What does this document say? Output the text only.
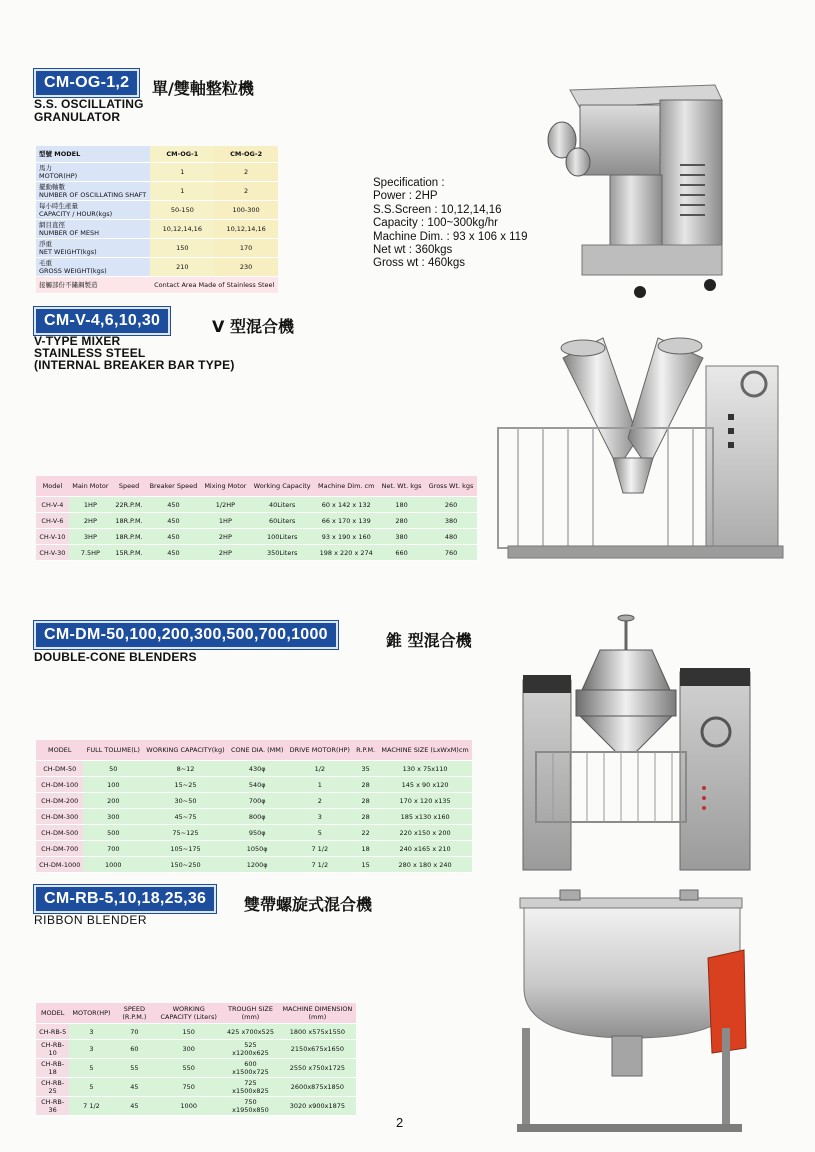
CM-OG-1,2	單/雙軸整粒機
S.S. OSCILLATING
GRANULATOR
型號 MODEL	CM-OG-1	CM-OG-2
馬力
MOTOR(HP)	1	2
擺動軸數
NUMBER OF OSCILLATING SHAFT	1	2
每小時生產量
CAPACITY / HOUR(kgs)	50-150	100-300
網目直徑
NUMBER OF MESH	10,12,14,16	10,12,14,16
淨重
NET WEIGHT(kgs)	150	170
毛重
GROSS WEIGHT(kgs)	210	230
接觸部份不鏽鋼製造	Contact Area Made of Stainless Steel	
Specification :
Power : 2HP
S.S.Screen : 10,12,14,16
Capacity : 100~300kg/hr
Machine Dim. : 93 x 106 x 119
Net wt : 360kgs
Gross wt : 460kgs
CM-V-4,6,10,30	V 型混合機
V-TYPE MIXER
STAINLESS STEEL
(INTERNAL BREAKER BAR TYPE)
Model	Main Motor	Speed	Breaker Speed	Mixing Motor	Working Capacity	Machine Dim. cm	Net. Wt. kgs	Gross Wt. kgs
CH-V-4	1HP	22R.P.M.	450	1/2HP	40Liters	60 x 142 x 132	180	260
CH-V-6	2HP	18R.P.M.	450	1HP	60Liters	66 x 170 x 139	280	380
CH-V-10	3HP	18R.P.M.	450	2HP	100Liters	93 x 190 x 160	380	480
CH-V-30	7.5HP	15R.P.M.	450	2HP	350Liters	198 x 220 x 274	660	760
CM-DM-50,100,200,300,500,700,1000	錐 型混合機
DOUBLE-CONE BLENDERS
MODEL	FULL TOLUME(L)	WORKING CAPACITY(kg)	CONE DIA. (MM)	DRIVE MOTOR(HP)	R.P.M.	MACHINE SIZE (LxWxM)cm
CH-DM-50	50	8~12	430φ	1/2	35	130 x 75x110
CH-DM-100	100	15~25	540φ	1	28	145 x 90 x120
CH-DM-200	200	30~50	700φ	2	28	170 x 120 x135
CH-DM-300	300	45~75	800φ	3	28	185 x130 x160
CH-DM-500	500	75~125	950φ	5	22	220 x150 x 200
CH-DM-700	700	105~175	1050φ	7 1/2	18	240 x165 x 210
CH-DM-1000	1000	150~250	1200φ	7 1/2	15	280 x 180 x 240
CM-RB-5,10,18,25,36	雙帶螺旋式混合機
RIBBON BLENDER
MODEL	MOTOR(HP)	SPEED (R.P.M.)	WORKING CAPACITY (Liters)	TROUGH SIZE (mm)	MACHINE DIMENSION (mm)
CH-RB-5	3	70	150	425 x700x525	1800 x575x1550
CH-RB-10	3	60	300	525 x1200x625	2150x675x1650
CH-RB-18	5	55	550	600 x1500x725	2550 x750x1725
CH-RB-25	5	45	750	725 x1500x825	2600x875x1850
CH-RB-36	7 1/2	45	1000	750 x1950x850	3020 x900x1875
2
